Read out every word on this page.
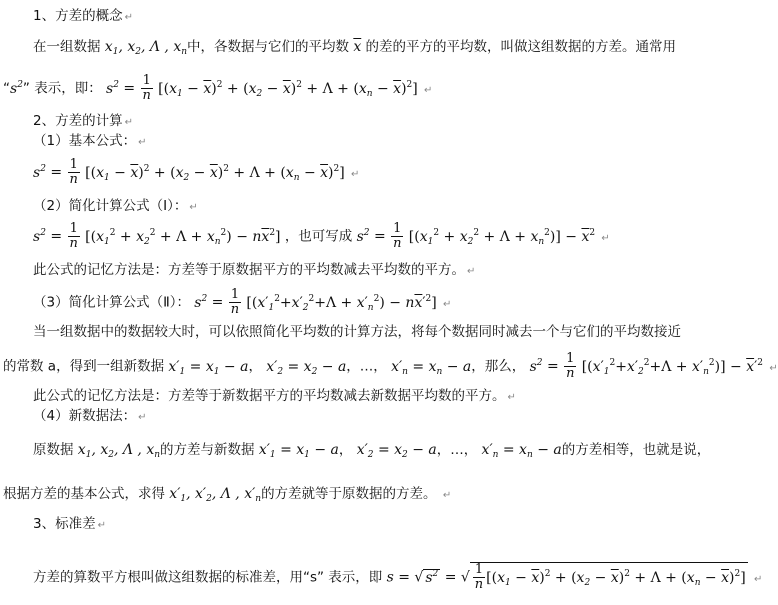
1、方差的概念 ↵
在一组数据 $x_1$, $x_2$, Λ , $x_n$中，各数据与它们的平均数 $\overline{x}$ 的差的平方的平均数，叫做这组数据的方差。通常用
“$s^2$” 表示，即： $s^2 = \frac{1}{n} [(x_1 - \overline{x})^2 + (x_2 - \overline{x})^2 + \Lambda + (x_n - \overline{x})^2]$ ↵
2、方差的计算 ↵
（1）基本公式： ↵
$s^2 = \frac{1}{n} [(x_1 - \overline{x})^2 + (x_2 - \overline{x})^2 + \Lambda + (x_n - \overline{x})^2]$ ↵
（2）简化计算公式（Ⅰ）： ↵
$s^2 = \frac{1}{n} [(x_1^2 + x_2^2 + \Lambda + x_n^2) - n\overline{x}^2]$ ，也可写成 $s^2 = \frac{1}{n} [(x_1^2 + x_2^2 + \Lambda + x_n^2)] - \overline{x}^2$ ↵
此公式的记忆方法是：方差等于原数据平方的平均数减去平均数的平方。 ↵
（3）简化计算公式（Ⅱ）： $s^2 = \frac{1}{n} [(x'_1^2+x'_2^2+\Lambda + x'_n^2) - n\overline{x}'^2]$ ↵
当一组数据中的数据较大时，可以依照简化平均数的计算方法，将每个数据同时减去一个与它们的平均数接近
的常数 a，得到一组新数据 $x'_1 = x_1 - a$， $x'_2 = x_2 - a$，…， $x'_n = x_n - a$，那么， $s^2 = \frac{1}{n} [(x'_1^2+x'_2^2+\Lambda + x'_n^2)] - \overline{x}'^2$ ↵
此公式的记忆方法是：方差等于新数据平方的平均数减去新数据平均数的平方。 ↵
（4）新数据法： ↵
原数据 $x_1$, $x_2$, Λ , $x_n$的方差与新数据 $x'_1 = x_1 - a$， $x'_2 = x_2 - a$，…， $x'_n = x_n - a$的方差相等，也就是说，
根据方差的基本公式，求得 $x'_1$, $x'_2$, Λ , $x'_n$的方差就等于原数据的方差。 ↵
3、标准差 ↵
方差的算数平方根叫做这组数据的标准差，用“s” 表示，即 s = √ $s^2$ = √ $\frac{1}{n} [(x_1 - \overline{x})^2 + (x_2 - \overline{x})^2 + \Lambda + (x_n - \overline{x})^2]$ ↵
